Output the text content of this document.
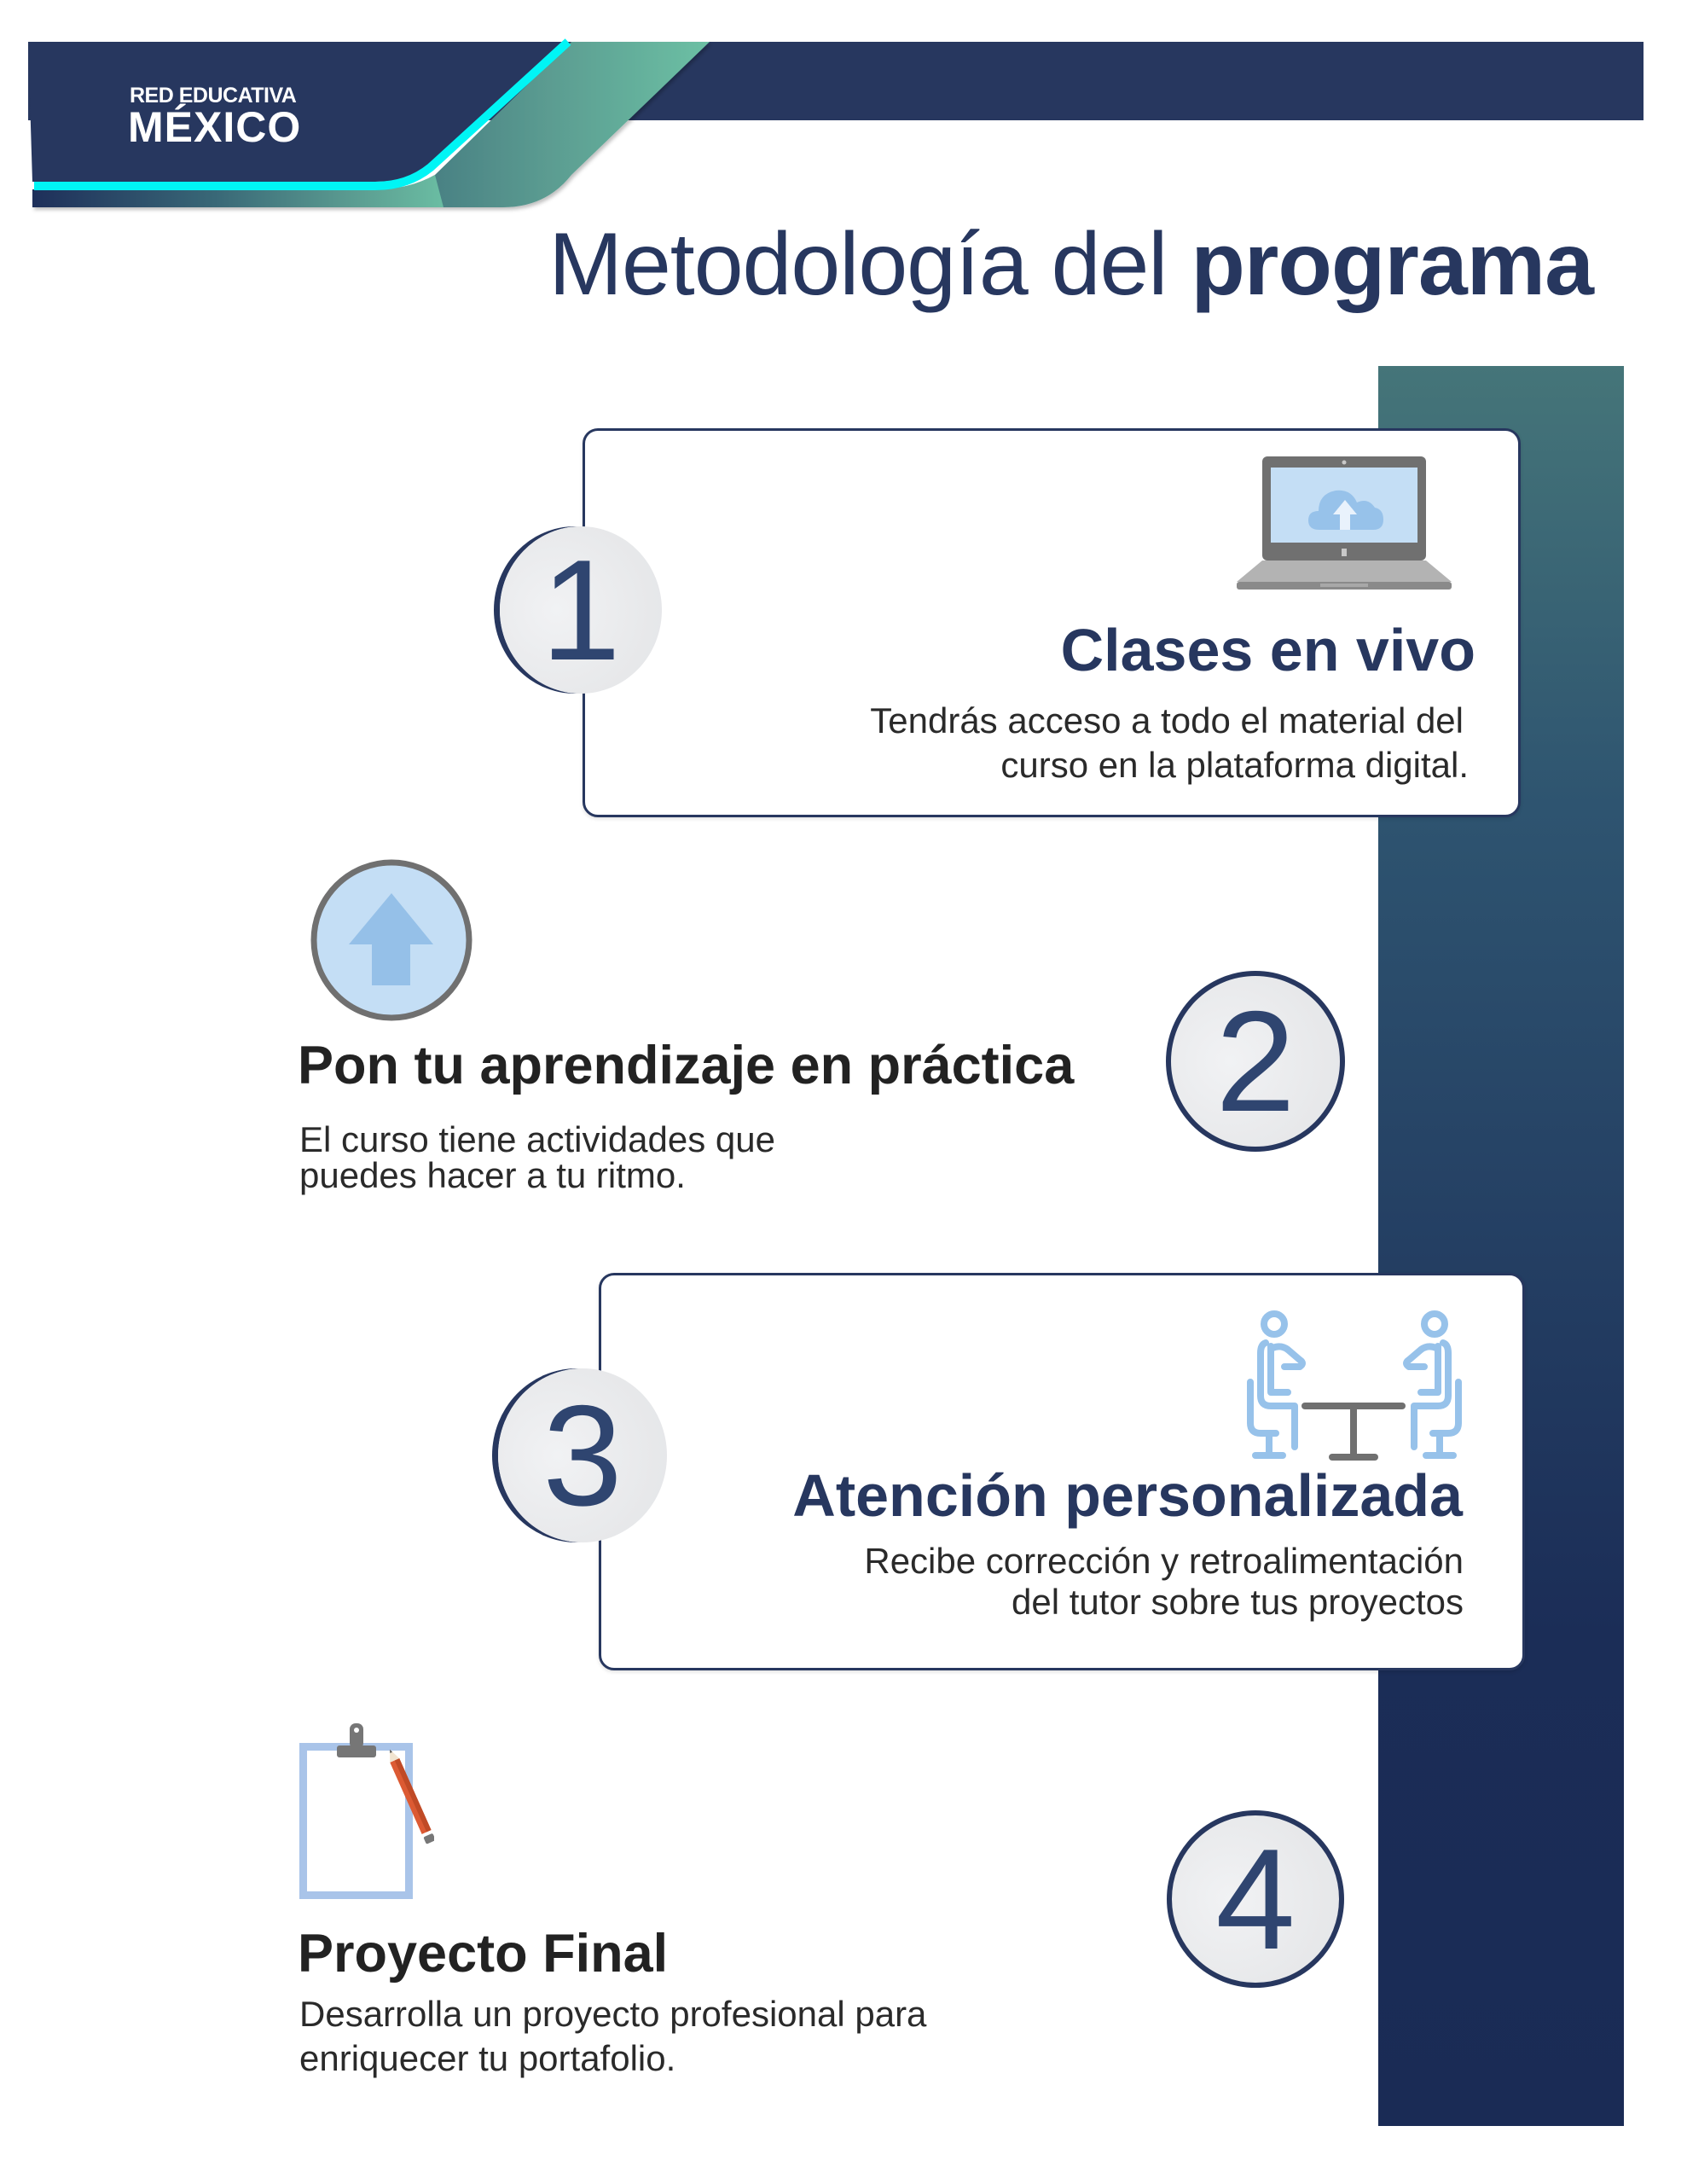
RED EDUCATIVA
MÉXICO
Metodología del programa
1	Clases en vivo
Tendrás acceso a todo el material del
curso en la plataforma digital.
Pon tu aprendizaje en práctica
El curso tiene actividades que
puedes hacer a tu ritmo.
2
3	Atención personalizada
Recibe corrección y retroalimentación
del tutor sobre tus proyectos
Proyecto Final
Desarrolla un proyecto profesional para
enriquecer tu portafolio.
4
